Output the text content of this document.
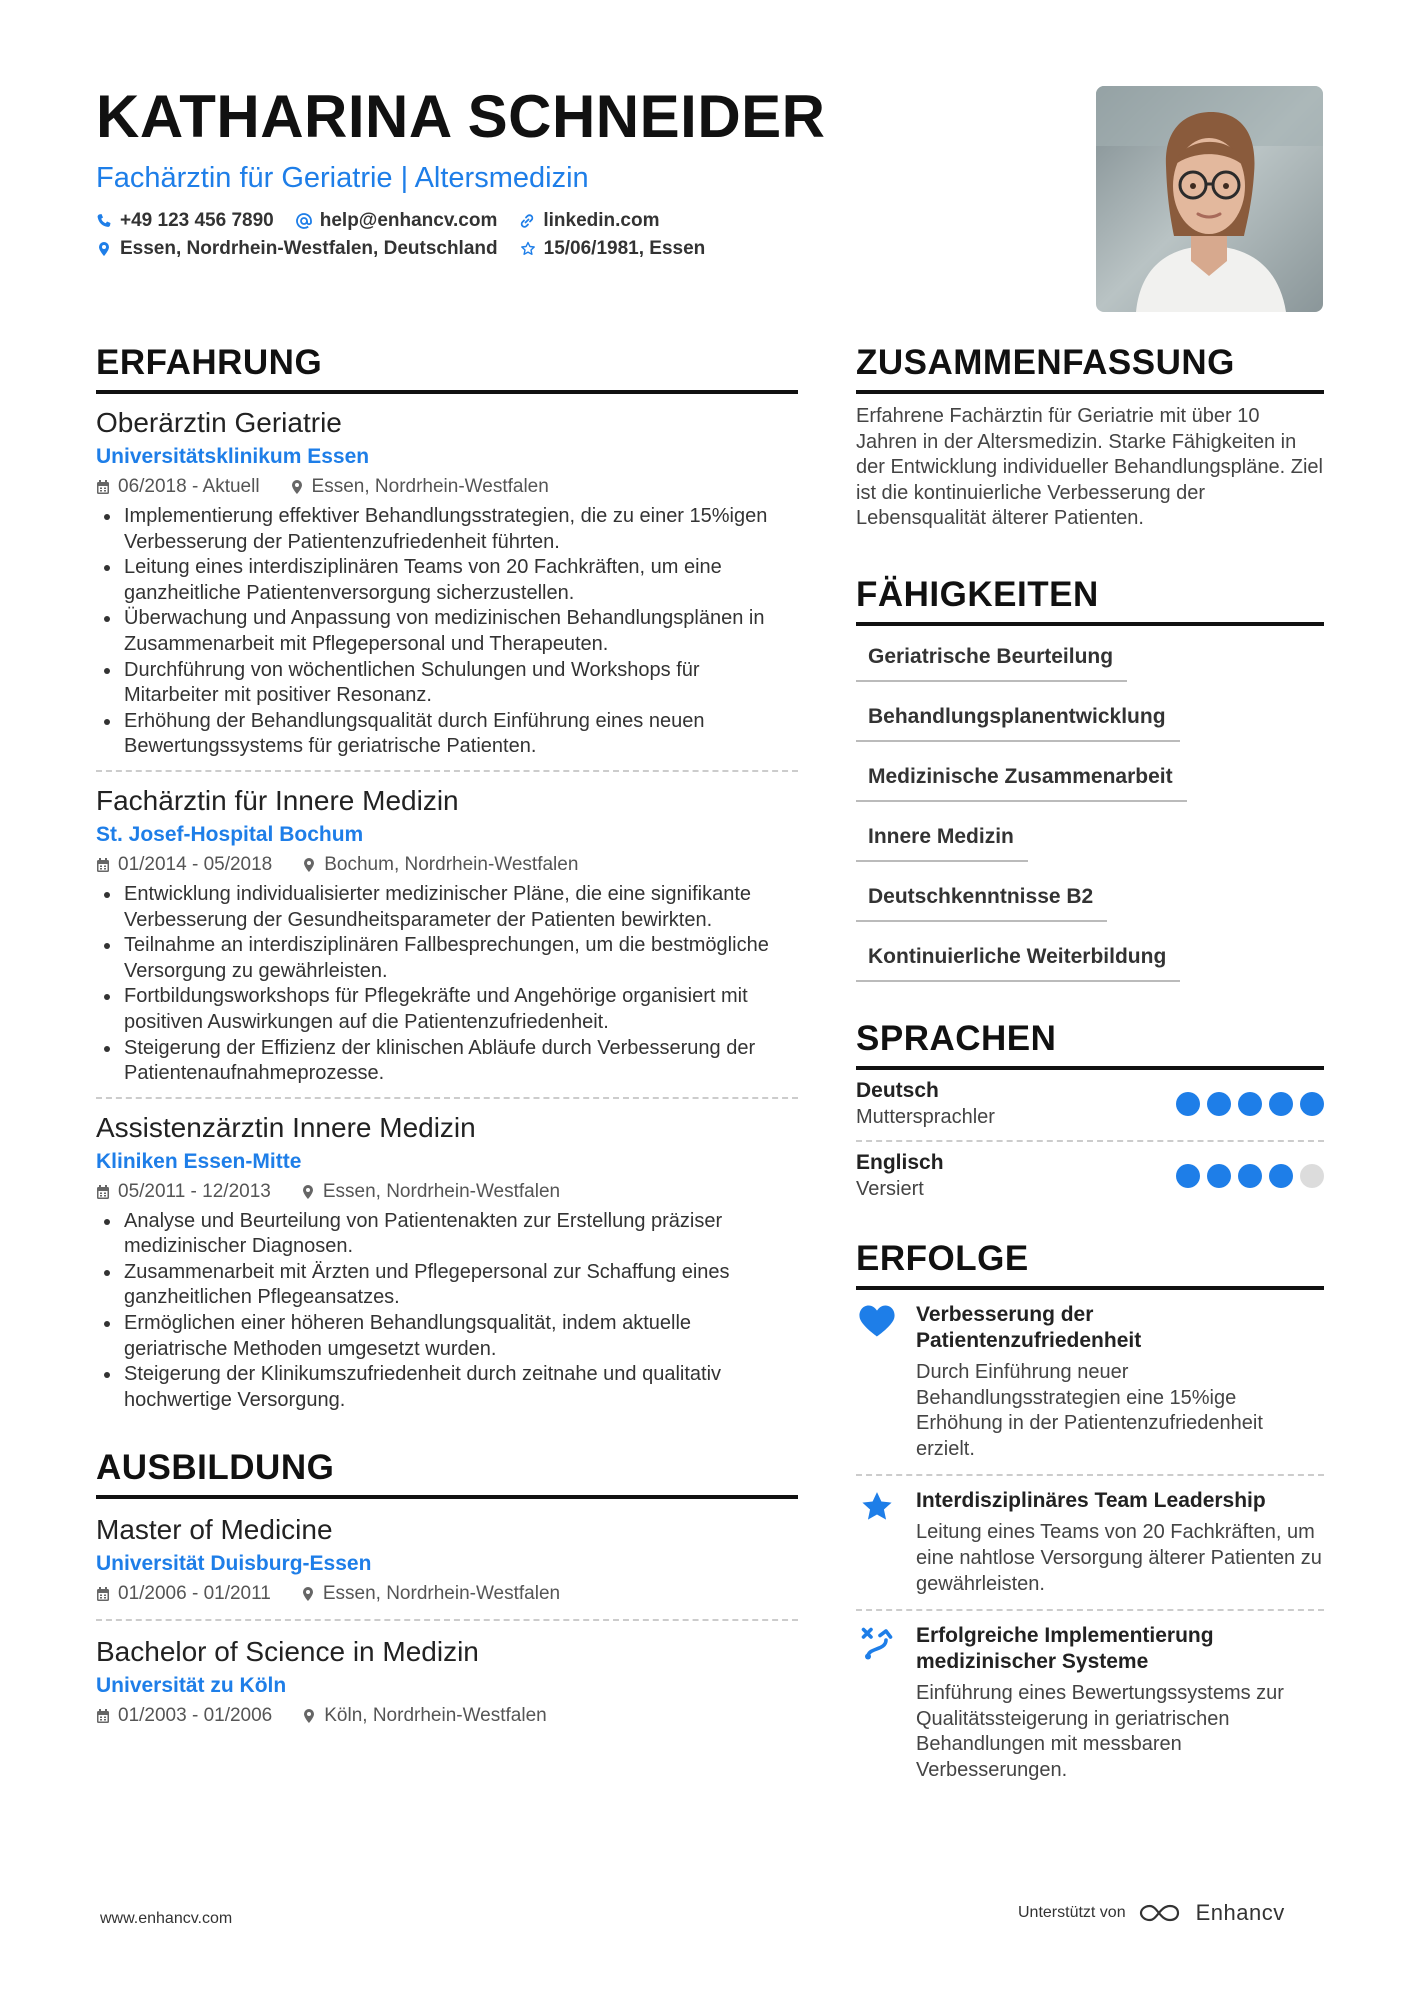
KATHARINA SCHNEIDER
Fachärztin für Geriatrie | Altersmedizin
+49 123 456 7890 help@enhancv.com linkedin.com
Essen, Nordrhein-Westfalen, Deutschland 15/06/1981, Essen
ERFAHRUNG
Oberärztin Geriatrie
Universitätsklinikum Essen
06/2018 - Aktuell	Essen, Nordrhein-Westfalen
Implementierung effektiver Behandlungsstrategien, die zu einer 15%igen Verbesserung der Patientenzufriedenheit führten.
Leitung eines interdisziplinären Teams von 20 Fachkräften, um eine ganzheitliche Patientenversorgung sicherzustellen.
Überwachung und Anpassung von medizinischen Behandlungsplänen in Zusammenarbeit mit Pflegepersonal und Therapeuten.
Durchführung von wöchentlichen Schulungen und Workshops für Mitarbeiter mit positiver Resonanz.
Erhöhung der Behandlungsqualität durch Einführung eines neuen Bewertungssystems für geriatrische Patienten.
Fachärztin für Innere Medizin
St. Josef-Hospital Bochum
01/2014 - 05/2018	Bochum, Nordrhein-Westfalen
Entwicklung individualisierter medizinischer Pläne, die eine signifikante Verbesserung der Gesundheitsparameter der Patienten bewirkten.
Teilnahme an interdisziplinären Fallbesprechungen, um die bestmögliche Versorgung zu gewährleisten.
Fortbildungsworkshops für Pflegekräfte und Angehörige organisiert mit positiven Auswirkungen auf die Patientenzufriedenheit.
Steigerung der Effizienz der klinischen Abläufe durch Verbesserung der Patientenaufnahmeprozesse.
Assistenzärztin Innere Medizin
Kliniken Essen-Mitte
05/2011 - 12/2013	Essen, Nordrhein-Westfalen
Analyse und Beurteilung von Patientenakten zur Erstellung präziser medizinischer Diagnosen.
Zusammenarbeit mit Ärzten und Pflegepersonal zur Schaffung eines ganzheitlichen Pflegeansatzes.
Ermöglichen einer höheren Behandlungsqualität, indem aktuelle geriatrische Methoden umgesetzt wurden.
Steigerung der Klinikumszufriedenheit durch zeitnahe und qualitativ hochwertige Versorgung.
AUSBILDUNG
Master of Medicine
Universität Duisburg-Essen
01/2006 - 01/2011	Essen, Nordrhein-Westfalen
Bachelor of Science in Medizin
Universität zu Köln
01/2003 - 01/2006	Köln, Nordrhein-Westfalen
ZUSAMMENFASSUNG
Erfahrene Fachärztin für Geriatrie mit über 10 Jahren in der Altersmedizin. Starke Fähigkeiten in der Entwicklung individueller Behandlungspläne. Ziel ist die kontinuierliche Verbesserung der Lebensqualität älterer Patienten.
FÄHIGKEITEN
Geriatrische Beurteilung
Behandlungsplanentwicklung
Medizinische Zusammenarbeit
Innere Medizin
Deutschkenntnisse B2
Kontinuierliche Weiterbildung
SPRACHEN
Deutsch
Muttersprachler
Englisch
Versiert
ERFOLGE
Verbesserung der Patientenzufriedenheit
Durch Einführung neuer Behandlungsstrategien eine 15%ige Erhöhung in der Patientenzufriedenheit erzielt.
Interdisziplinäres Team Leadership
Leitung eines Teams von 20 Fachkräften, um eine nahtlose Versorgung älterer Patienten zu gewährleisten.
Erfolgreiche Implementierung medizinischer Systeme
Einführung eines Bewertungssystems zur Qualitätssteigerung in geriatrischen Behandlungen mit messbaren Verbesserungen.
www.enhancv.com	Unterstützt von	Enhancv
